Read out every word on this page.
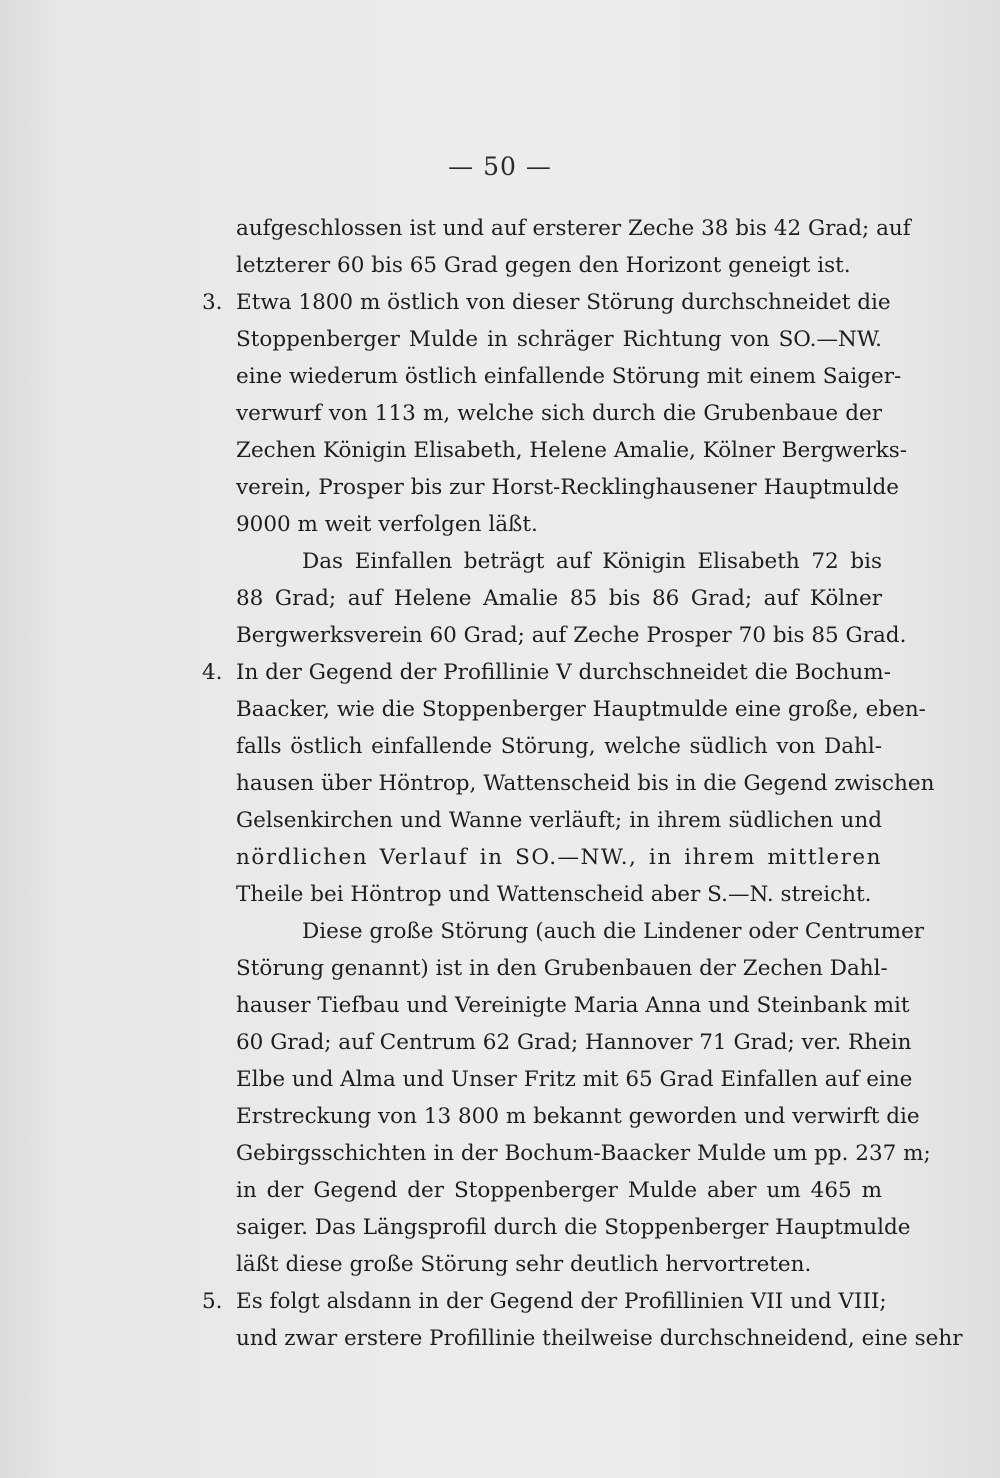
— 50 —
aufgeschlossen ist und auf ersterer Zeche 38 bis 42 Grad; auf
letzterer 60 bis 65 Grad gegen den Horizont geneigt ist.
3. Etwa 1800 m östlich von dieser Störung durchschneidet die
Stoppenberger Mulde in schräger Richtung von SO.—NW.
eine wiederum östlich einfallende Störung mit einem Saiger-
verwurf von 113 m, welche sich durch die Grubenbaue der
Zechen Königin Elisabeth, Helene Amalie, Kölner Bergwerks-
verein, Prosper bis zur Horst-Recklinghausener Hauptmulde
9000 m weit verfolgen läßt.
Das Einfallen beträgt auf Königin Elisabeth 72 bis
88 Grad; auf Helene Amalie 85 bis 86 Grad; auf Kölner
Bergwerksverein 60 Grad; auf Zeche Prosper 70 bis 85 Grad.
4. In der Gegend der Profillinie V durchschneidet die Bochum-
Baacker, wie die Stoppenberger Hauptmulde eine große, eben-
falls östlich einfallende Störung, welche südlich von Dahl-
hausen über Höntrop, Wattenscheid bis in die Gegend zwischen
Gelsenkirchen und Wanne verläuft; in ihrem südlichen und
nördlichen Verlauf in SO.—NW., in ihrem mittleren
Theile bei Höntrop und Wattenscheid aber S.—N. streicht.
Diese große Störung (auch die Lindener oder Centrumer
Störung genannt) ist in den Grubenbauen der Zechen Dahl-
hauser Tiefbau und Vereinigte Maria Anna und Steinbank mit
60 Grad; auf Centrum 62 Grad; Hannover 71 Grad; ver. Rhein
Elbe und Alma und Unser Fritz mit 65 Grad Einfallen auf eine
Erstreckung von 13 800 m bekannt geworden und verwirft die
Gebirgsschichten in der Bochum-Baacker Mulde um pp. 237 m;
in der Gegend der Stoppenberger Mulde aber um 465 m
saiger. Das Längsprofil durch die Stoppenberger Hauptmulde
läßt diese große Störung sehr deutlich hervortreten.
5. Es folgt alsdann in der Gegend der Profillinien VII und VIII;
und zwar erstere Profillinie theilweise durchschneidend, eine sehr
